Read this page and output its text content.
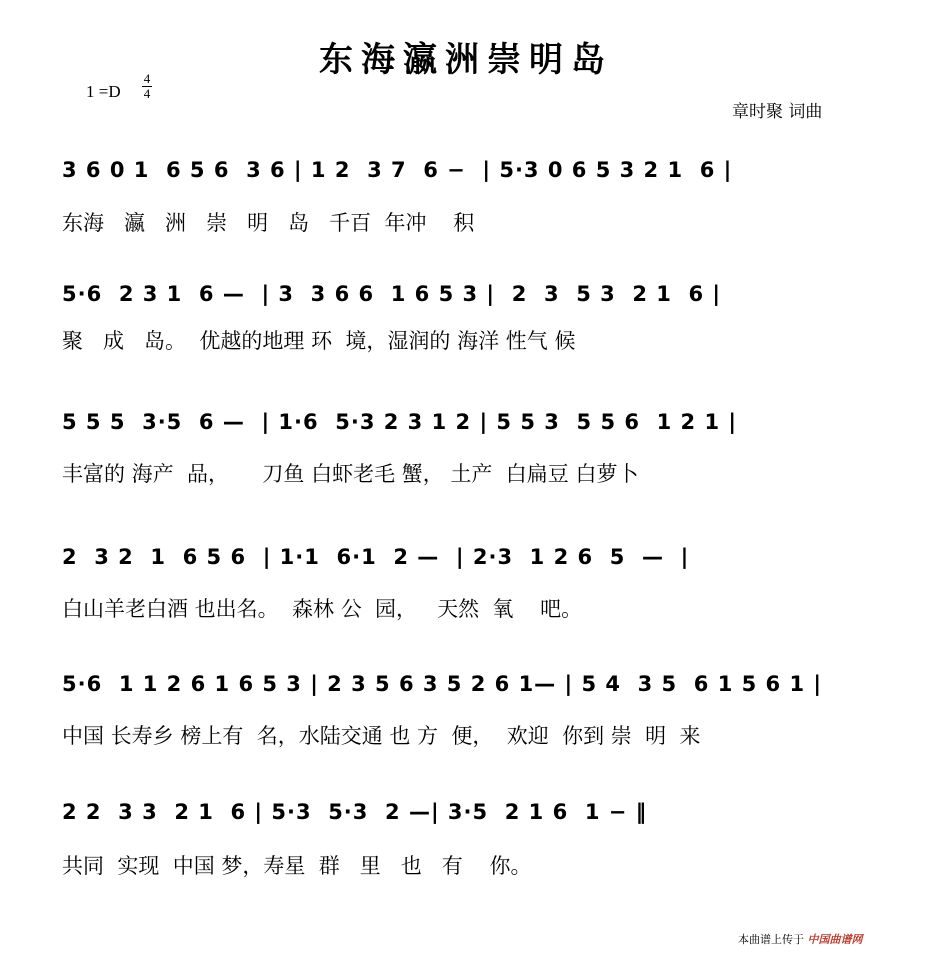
东海瀛洲崇明岛
1 =D
4
4
章时聚 词曲
3 6 0 1  6 5 6  3 6 | 1 2  3 7  6 −  | 5·3 0 6 5 3 2 1  6 |
东海   瀛   洲   崇   明   岛   千百  年冲    积
5·6  2 3 1  6 —  | 3  3 6 6  1 6 5 3 |  2  3  5 3  2 1  6 |
聚   成   岛。  优越的地理 环  境，湿润的 海洋 性气 候
5 5 5  3·5  6 —  | 1·6  5·3 2 3 1 2 | 5 5 3  5 5 6  1 2 1 |
丰富的 海产  品，     刀鱼 白虾老毛 蟹， 土产  白扁豆 白萝卜
2  3 2  1  6 5 6  | 1·1  6·1  2 —  | 2·3  1 2 6  5  —  |
白山羊老白酒 也出名。  森林 公  园，   天然  氧    吧。
5·6  1 1 2 6 1 6 5 3 | 2 3 5 6 3 5 2 6 1— | 5 4  3 5  6 1 5 6 1 |
中国 长寿乡 榜上有  名，水陆交通 也 方  便，  欢迎  你到 崇  明  来
2 2  3 3  2 1  6 | 5·3  5·3  2 —| 3·5  2 1 6  1 − ‖
共同  实现  中国 梦，寿星  群   里   也   有    你。
本曲谱上传于 中国曲谱网
